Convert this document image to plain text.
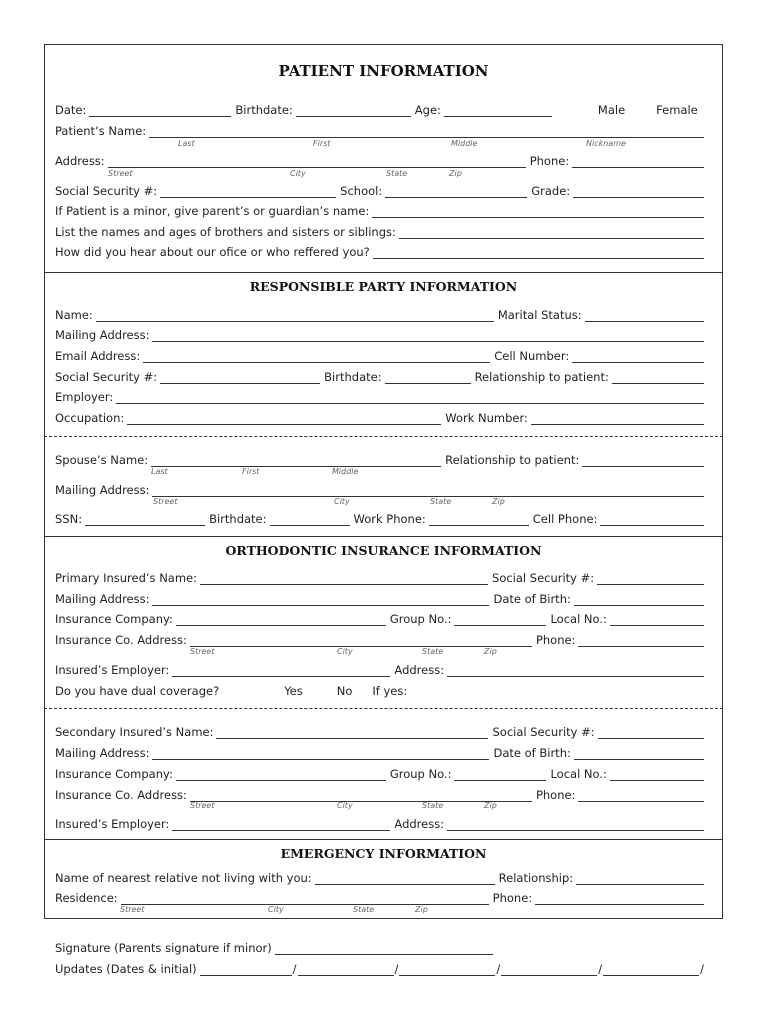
PATIENT INFORMATION
Date:	Birthdate:	Age:	Male	Female
Patient’s Name:
Last	First	Middle	Nickname
Address:	Phone:
Street	City	State	Zip
Social Security #:	School:	Grade:
If Patient is a minor, give parent’s or guardian’s name:
List the names and ages of brothers and sisters or siblings:
How did you hear about our ofice or who reffered you?
RESPONSIBLE PARTY INFORMATION
Name:	Marital Status:
Mailing Address:
Email Address:	Cell Number:
Social Security #:	Birthdate:	Relationship to patient:
Employer:
Occupation:	Work Number:
Spouse’s Name:	Relationship to patient:
Last	First	Middle
Mailing Address:
Street	City	State	Zip
SSN:	Birthdate:	Work Phone:	Cell Phone:
ORTHODONTIC INSURANCE INFORMATION
Primary Insured’s Name:	Social Security #:
Mailing Address:	Date of Birth:
Insurance Company:	Group No.:	Local No.:
Insurance Co. Address:	Phone:
Street	City	State	Zip
Insured’s Employer:	Address:
Do you have dual coverage?	Yes	No If yes:
Secondary Insured’s Name:	Social Security #:
Mailing Address:	Date of Birth:
Insurance Company:	Group No.:	Local No.:
Insurance Co. Address:	Phone:
Street	City	State	Zip
Insured’s Employer:	Address:
EMERGENCY INFORMATION
Name of nearest relative not living with you:	Relationship:
Residence:	Phone:
Street	City	State	Zip
Signature (Parents signature if minor)
Updates (Dates & initial)	/	/	/	/	/
